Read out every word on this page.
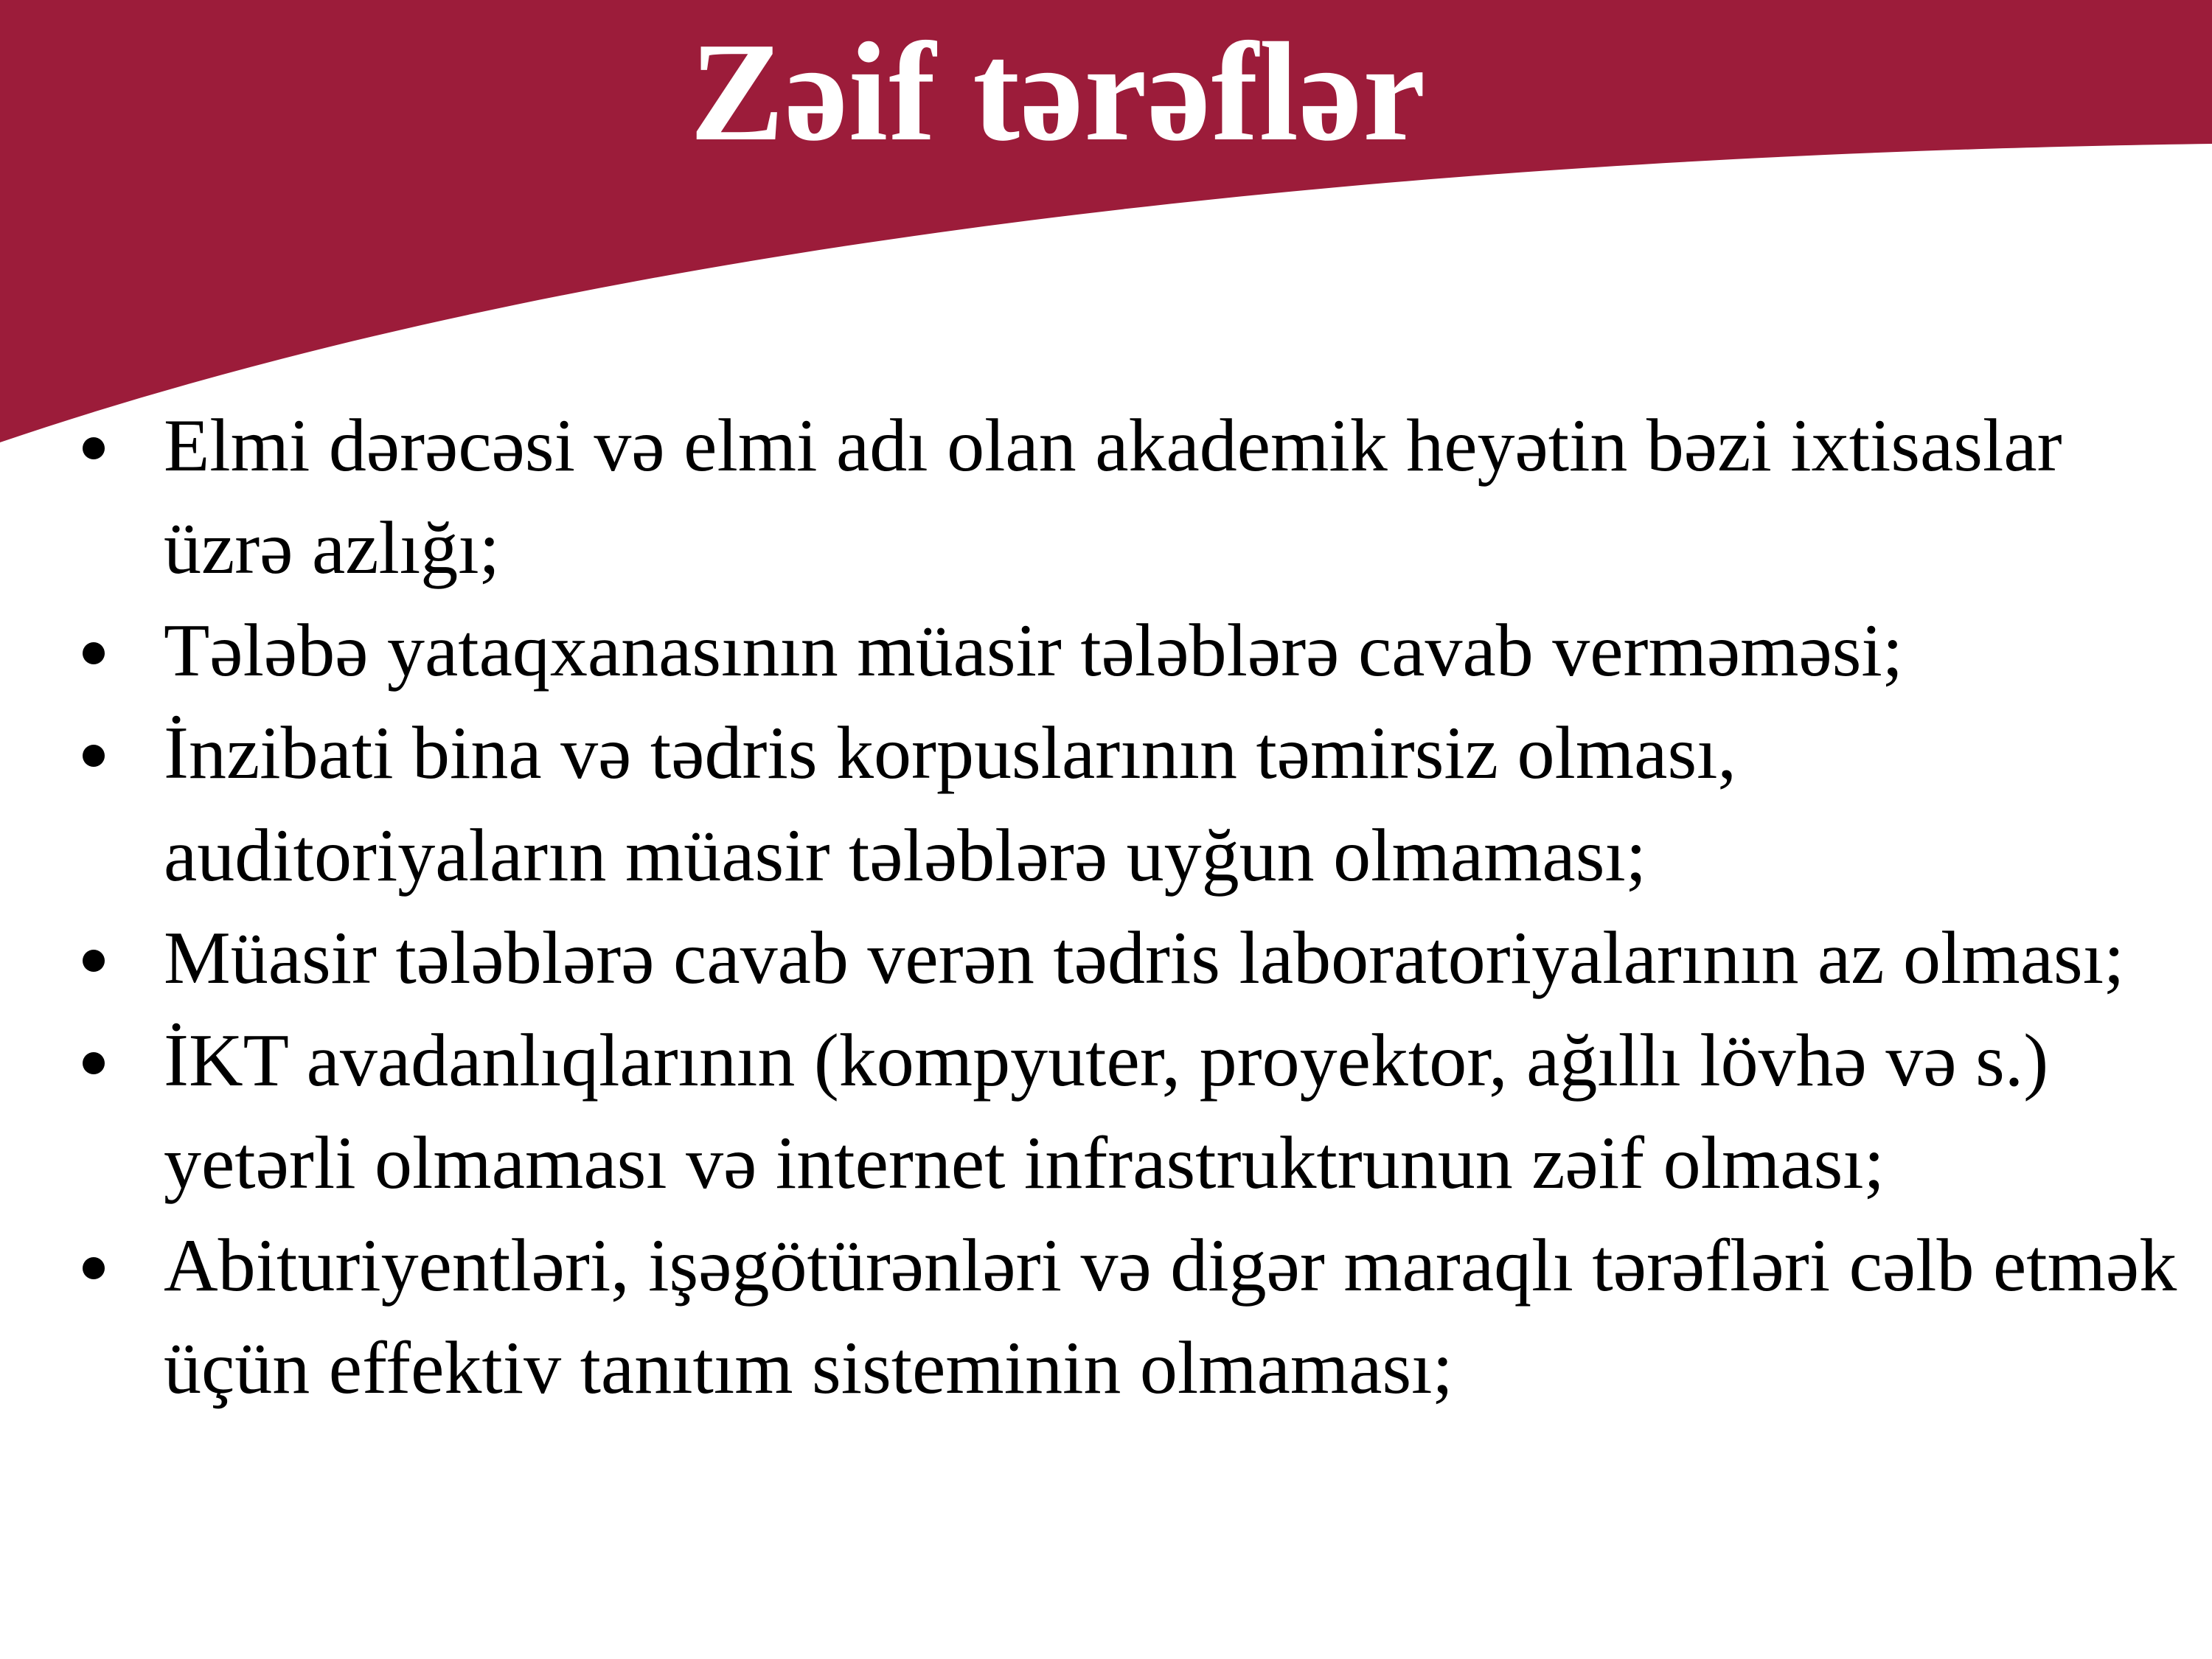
Zəif tərəflər
Elmi dərəcəsi və elmi adı olan akademik heyətin bəzi ixtisaslar üzrə azlığı;
Tələbə yataqxanasının müasir tələblərə cavab verməməsi;
İnzibati bina və tədris korpuslarının təmirsiz olması, auditoriyaların müasir tələblərə uyğun olmaması;
Müasir tələblərə cavab verən tədris laboratoriyalarının az olması;
İKT avadanlıqlarının (kompyuter, proyektor, ağıllı lövhə və s.) yetərli olmaması və internet infrastruktrunun zəif olması;
Abituriyentləri, işəgötürənləri və digər maraqlı tərəfləri cəlb etmək üçün effektiv tanıtım sisteminin olmaması;
